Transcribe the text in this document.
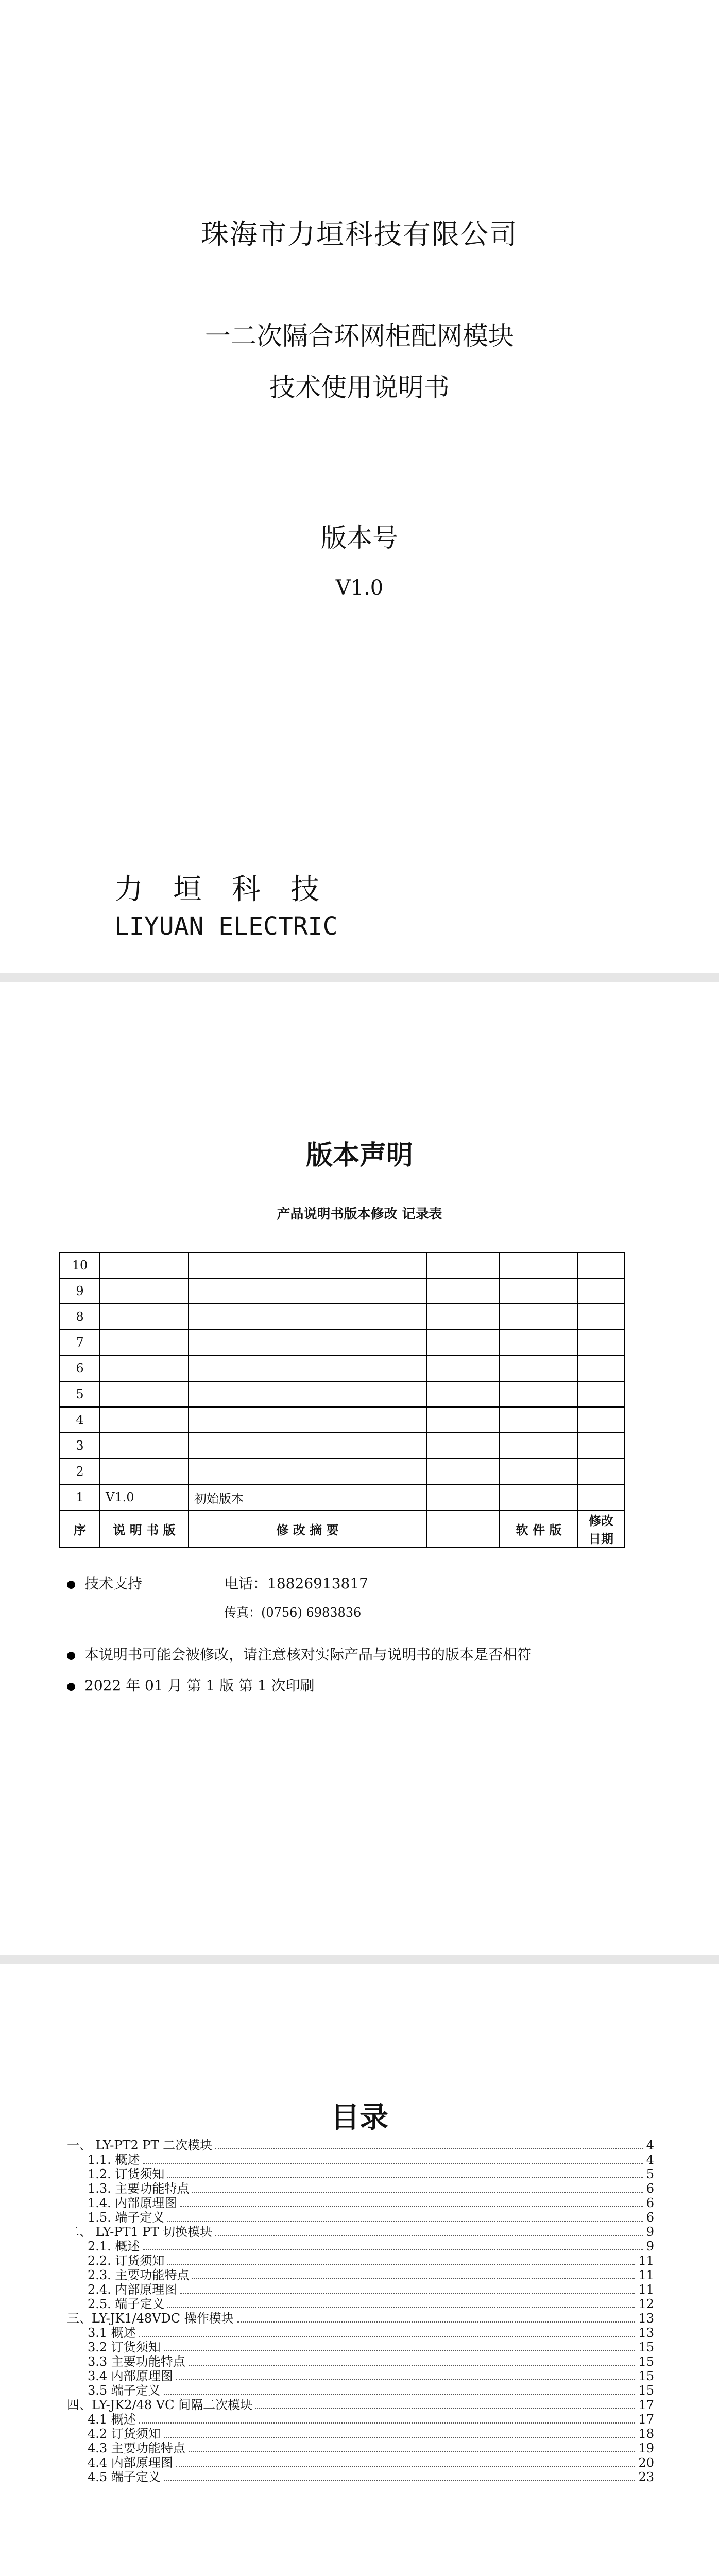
珠海市力垣科技有限公司
一二次隔合环网柜配网模块
技术使用说明书
版本号
V1.0
力垣科技
LIYUAN ELECTRIC
版本声明
产品说明书版本修改 记录表
10					
9					
8					
7					
6					
5					
4					
3					
2					
1	V1.0	初始版本			
序	说 明 书 版	修 改 摘 要		软 件 版	修改日期
技术支持	电话：18826913817
传真：(0756) 6983836
本说明书可能会被修改，请注意核对实际产品与说明书的版本是否相符
2022 年 01 月 第 1 版 第 1 次印刷
目录
一、 LY-PT2 PT 二次模块	4
1.1. 概述	4
1.2. 订货须知	5
1.3. 主要功能特点	6
1.4. 内部原理图	6
1.5. 端子定义	6
二、 LY-PT1 PT 切换模块	9
2.1. 概述	9
2.2. 订货须知	11
2.3. 主要功能特点	11
2.4. 内部原理图	11
2.5. 端子定义	12
三、LY-JK1/48VDC 操作模块	13
3.1 概述	13
3.2 订货须知	15
3.3 主要功能特点	15
3.4 内部原理图	15
3.5 端子定义	15
四、LY-JK2/48 VC 间隔二次模块	17
4.1 概述	17
4.2 订货须知	18
4.3 主要功能特点	19
4.4 内部原理图	20
4.5 端子定义	23
